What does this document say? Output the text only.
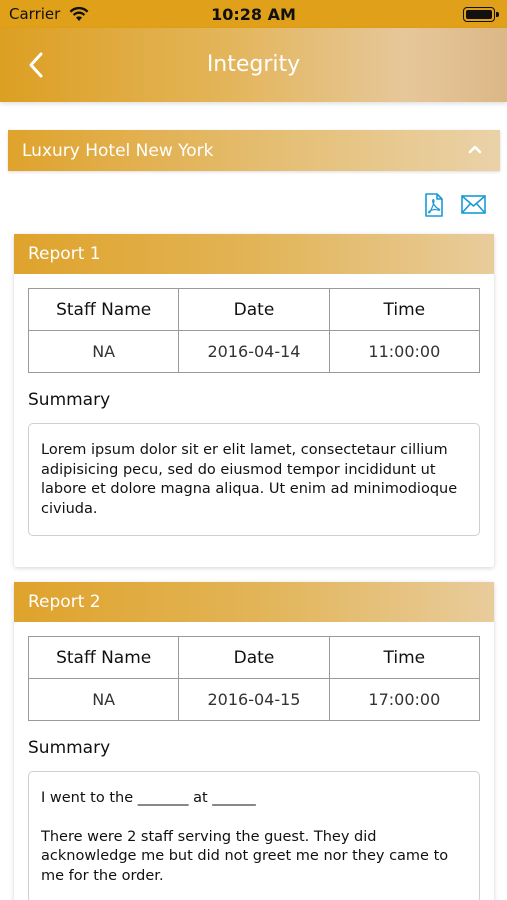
Carrier	10:28 AM
Integrity
Luxury Hotel New York
Report 1
Staff Name	Date	Time
NA	2016-04-14	11:00:00
Summary

Lorem ipsum dolor sit er elit lamet, consectetaur cillium adipisicing pecu, sed do eiusmod tempor incididunt ut labore et dolore magna aliqua. Ut enim ad minimodioque civiuda.

Report 2
Staff Name	Date	Time
NA	2016-04-15	17:00:00
Summary

I went to the _______ at ______

There were 2 staff serving the guest. They did acknowledge me but did not greet me nor they came to me for the order.
